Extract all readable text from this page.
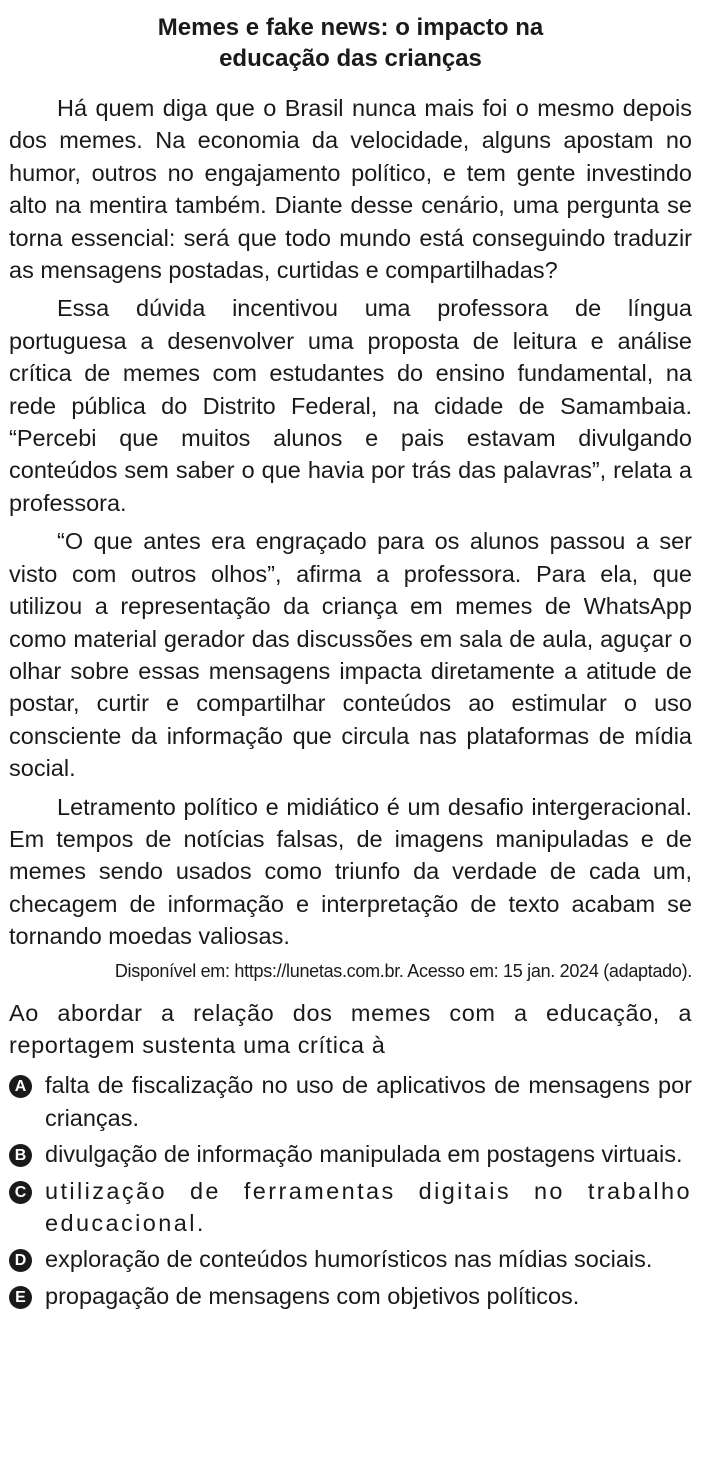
Memes e fake news: o impacto na
educação das crianças

Há quem diga que o Brasil nunca mais foi o mesmo depois dos memes. Na economia da velocidade, alguns apostam no humor, outros no engajamento político, e tem gente investindo alto na mentira também. Diante desse cenário, uma pergunta se torna essencial: será que todo mundo está conseguindo traduzir as mensagens postadas, curtidas e compartilhadas?

Essa dúvida incentivou uma professora de língua portuguesa a desenvolver uma proposta de leitura e análise crítica de memes com estudantes do ensino fundamental, na rede pública do Distrito Federal, na cidade de Samambaia. “Percebi que muitos alunos e pais estavam divulgando conteúdos sem saber o que havia por trás das palavras”, relata a professora.

“O que antes era engraçado para os alunos passou a ser visto com outros olhos”, afirma a professora. Para ela, que utilizou a representação da criança em memes de WhatsApp como material gerador das discussões em sala de aula, aguçar o olhar sobre essas mensagens impacta diretamente a atitude de postar, curtir e compartilhar conteúdos ao estimular o uso consciente da informação que circula nas plataformas de mídia social.

Letramento político e midiático é um desafio intergeracional. Em tempos de notícias falsas, de imagens manipuladas e de memes sendo usados como triunfo da verdade de cada um, checagem de informação e interpretação de texto acabam se tornando moedas valiosas.

Disponível em: https://lunetas.com.br. Acesso em: 15 jan. 2024 (adaptado).
Ao abordar a relação dos memes com a educação, a reportagem sustenta uma crítica à
A falta de fiscalização no uso de aplicativos de mensagens por crianças.
B divulgação de informação manipulada em postagens virtuais.
C utilização de ferramentas digitais no trabalho educacional.
D exploração de conteúdos humorísticos nas mídias sociais.
E propagação de mensagens com objetivos políticos.
